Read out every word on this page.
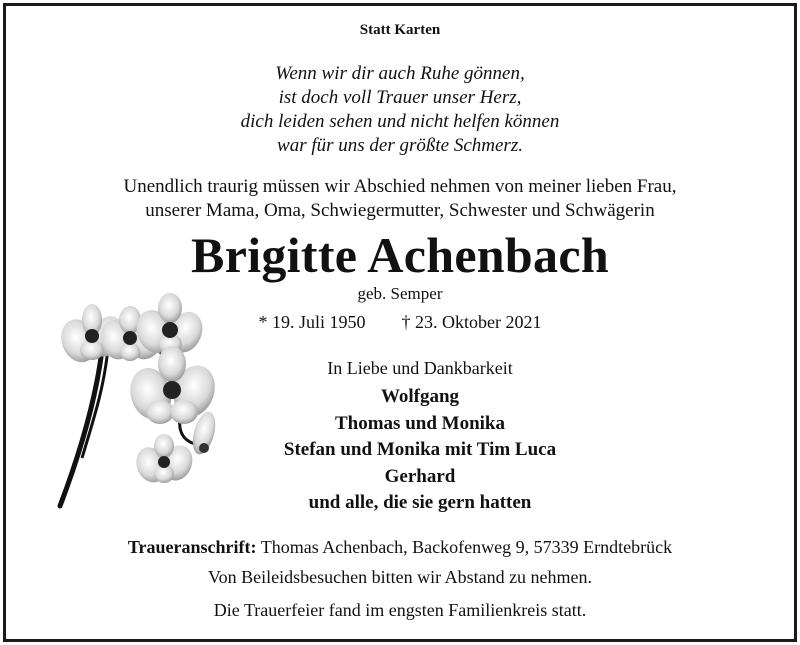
Statt Karten
Wenn wir dir auch Ruhe gönnen,
ist doch voll Trauer unser Herz,
dich leiden sehen und nicht helfen können
war für uns der größte Schmerz.
Unendlich traurig müssen wir Abschied nehmen von meiner lieben Frau,
unserer Mama, Oma, Schwiegermutter, Schwester und Schwägerin
Brigitte Achenbach
geb. Semper
* 19. Juli 1950 † 23. Oktober 2021
In Liebe und Dankbarkeit
Wolfgang
Thomas und Monika
Stefan und Monika mit Tim Luca
Gerhard
und alle, die sie gern hatten
Traueranschrift: Thomas Achenbach, Backofenweg 9, 57339 Erndtebrück
Von Beileidsbesuchen bitten wir Abstand zu nehmen.
Die Trauerfeier fand im engsten Familienkreis statt.
